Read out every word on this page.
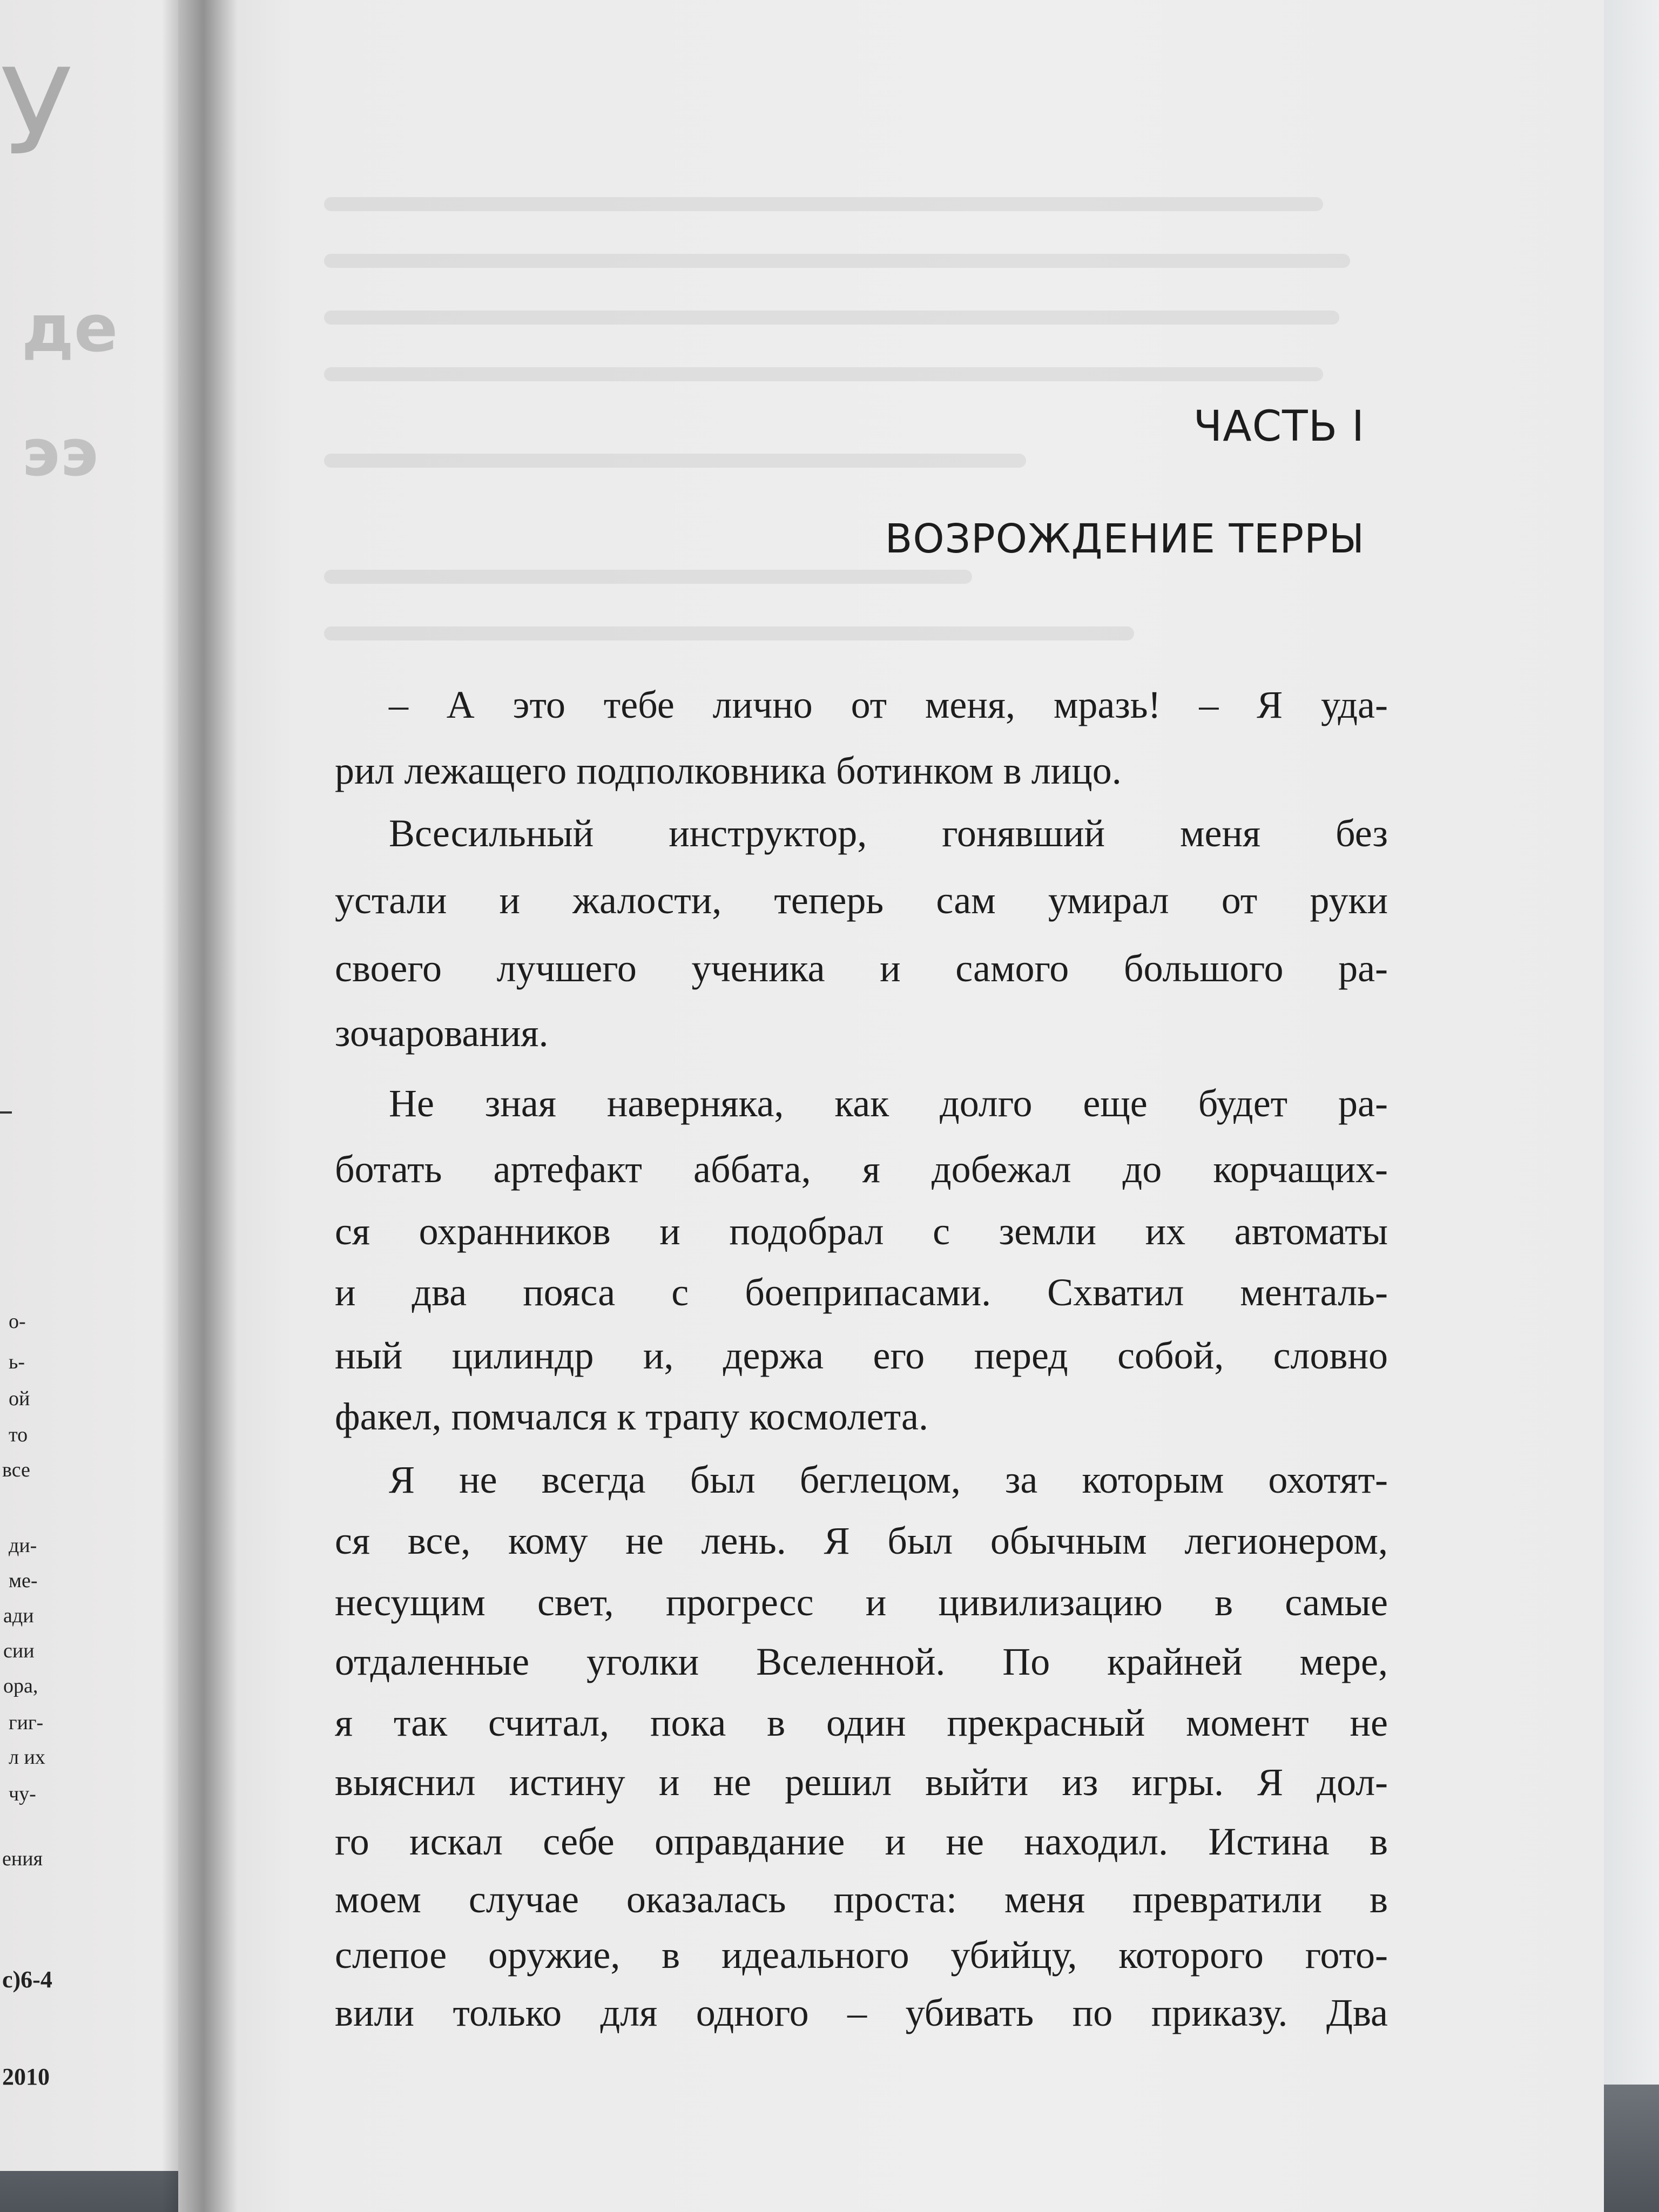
У
де
ээ
о-
ь-
ой
то
все
ди-
ме-
ади
сии
ора,
гиг-
л их
чу-
ения
с)6-4
2010
ЧАСТЬ I
ВОЗРОЖДЕНИЕ ТЕРРЫ
– А это тебе лично от меня, мразь! – Я уда-
рил лежащего подполковника ботинком в лицо.
Всесильный инструктор, гонявший меня без
устали и жалости, теперь сам умирал от руки
своего лучшего ученика и самого большого ра-
зочарования.
Не зная наверняка, как долго еще будет ра-
ботать артефакт аббата, я добежал до корчащих-
ся охранников и подобрал с земли их автоматы
и два пояса с боеприпасами. Схватил менталь-
ный цилиндр и, держа его перед собой, словно
факел, помчался к трапу космолета.
Я не всегда был беглецом, за которым охотят-
ся все, кому не лень. Я был обычным легионером,
несущим свет, прогресс и цивилизацию в самые
отдаленные уголки Вселенной. По крайней мере,
я так считал, пока в один прекрасный момент не
выяснил истину и не решил выйти из игры. Я дол-
го искал себе оправдание и не находил. Истина в
моем случае оказалась проста: меня превратили в
слепое оружие, в идеального убийцу, которого гото-
вили только для одного – убивать по приказу. Два
